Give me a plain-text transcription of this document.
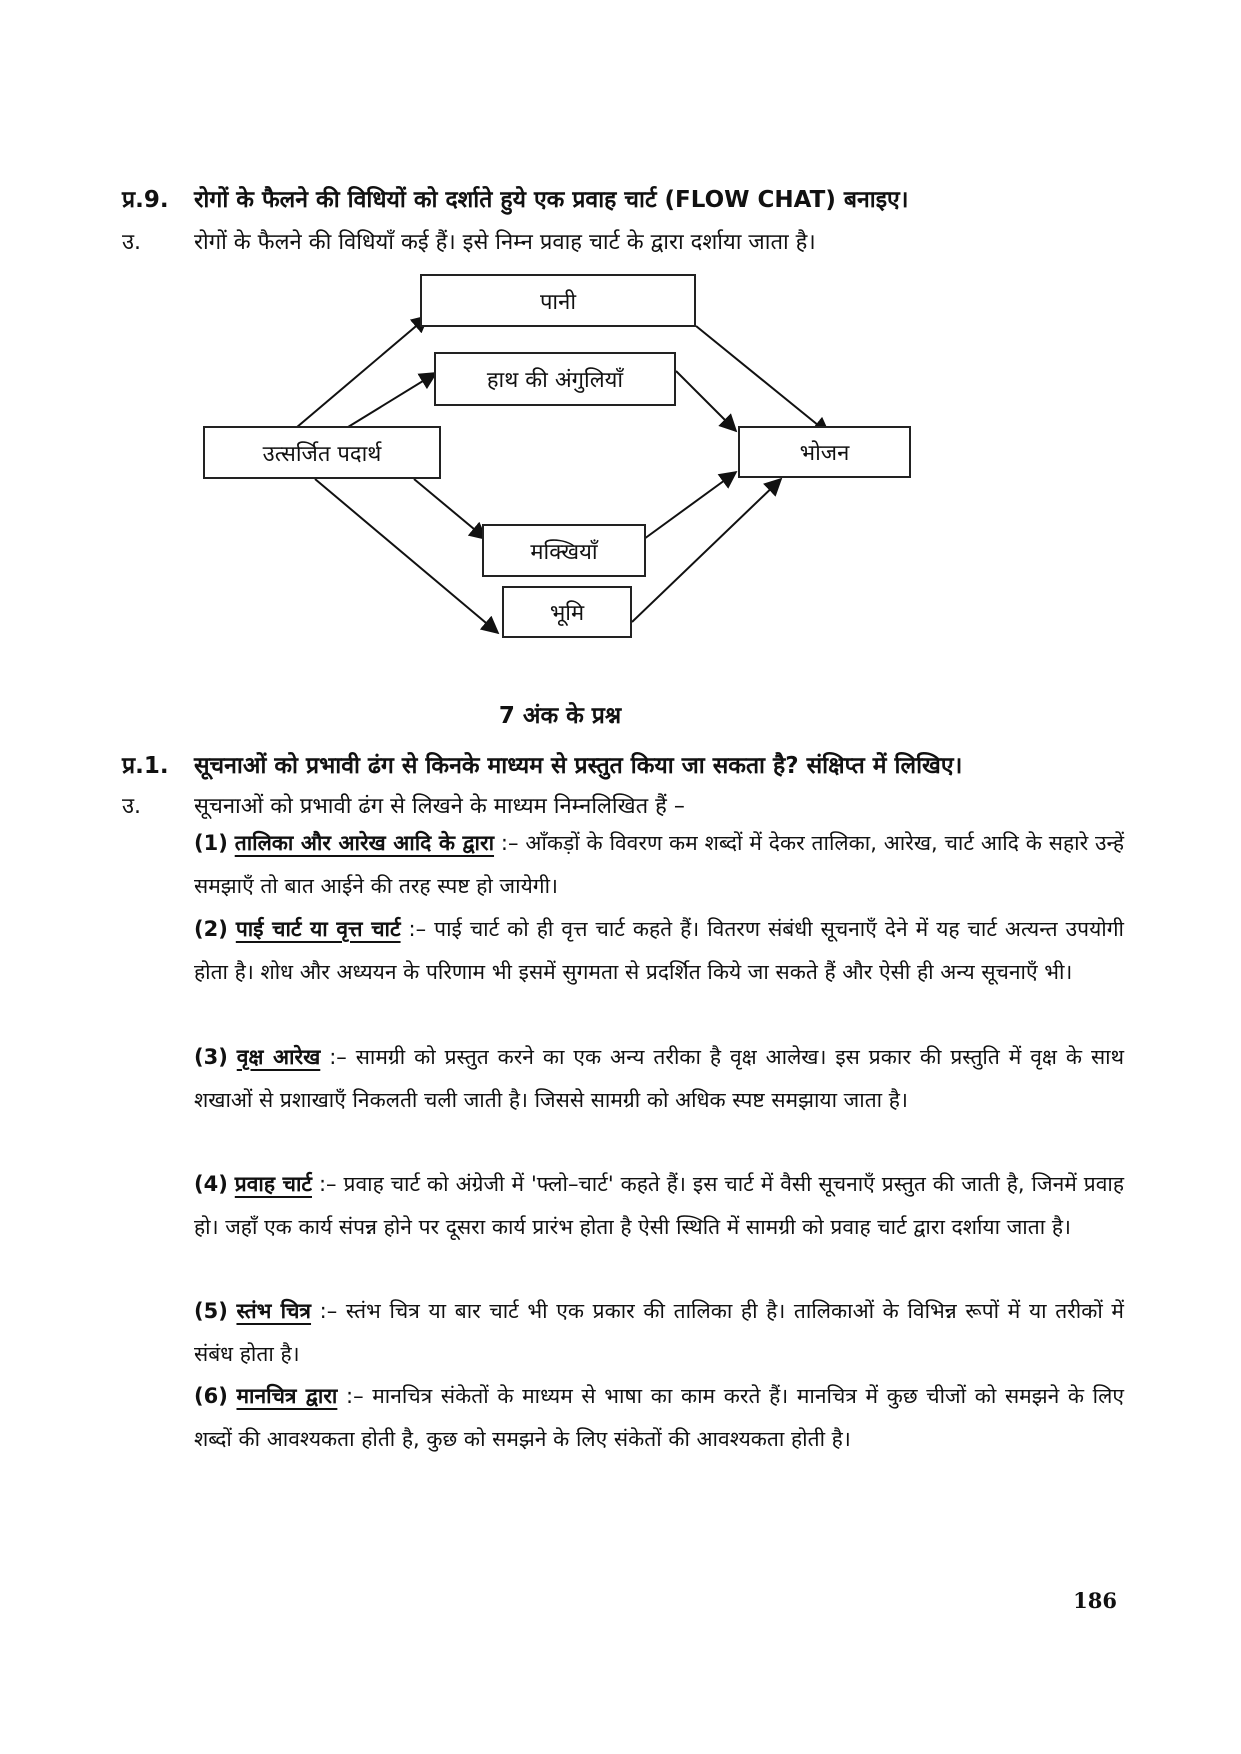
प्र.9. रोगों के फैलने की विधियों को दर्शाते हुये एक प्रवाह चार्ट (FLOW CHAT) बनाइए।
उ. रोगों के फैलने की विधियाँ कई हैं। इसे निम्न प्रवाह चार्ट के द्वारा दर्शाया जाता है।
पानी
हाथ की अंगुलियाँ
उत्सर्जित पदार्थ	भोजन
मक्खियाँ
भूमि
7 अंक के प्रश्न
प्र.1. सूचनाओं को प्रभावी ढंग से किनके माध्यम से प्रस्तुत किया जा सकता है? संक्षिप्त में लिखिए।
उ. सूचनाओं को प्रभावी ढंग से लिखने के माध्यम निम्नलिखित हैं –
(1) तालिका और आरेख आदि के द्वारा :– आँकड़ों के विवरण कम शब्दों में देकर तालिका, आरेख, चार्ट आदि के सहारे उन्हें समझाएँ तो बात आईने की तरह स्पष्ट हो जायेगी।
(2) पाई चार्ट या वृत्त चार्ट :– पाई चार्ट को ही वृत्त चार्ट कहते हैं। वितरण संबंधी सूचनाएँ देने में यह चार्ट अत्यन्त उपयोगी होता है। शोध और अध्ययन के परिणाम भी इसमें सुगमता से प्रदर्शित किये जा सकते हैं और ऐसी ही अन्य सूचनाएँ भी।
(3) वृक्ष आरेख :– सामग्री को प्रस्तुत करने का एक अन्य तरीका है वृक्ष आलेख। इस प्रकार की प्रस्तुति में वृक्ष के साथ शखाओं से प्रशाखाएँ निकलती चली जाती है। जिससे सामग्री को अधिक स्पष्ट समझाया जाता है।
(4) प्रवाह चार्ट :– प्रवाह चार्ट को अंग्रेजी में 'फ्लो–चार्ट' कहते हैं। इस चार्ट में वैसी सूचनाएँ प्रस्तुत की जाती है, जिनमें प्रवाह हो। जहाँ एक कार्य संपन्न होने पर दूसरा कार्य प्रारंभ होता है ऐसी स्थिति में सामग्री को प्रवाह चार्ट द्वारा दर्शाया जाता है।
(5) स्तंभ चित्र :– स्तंभ चित्र या बार चार्ट भी एक प्रकार की तालिका ही है। तालिकाओं के विभिन्न रूपों में या तरीकों में संबंध होता है।
(6) मानचित्र द्वारा :– मानचित्र संकेतों के माध्यम से भाषा का काम करते हैं। मानचित्र में कुछ चीजों को समझने के लिए शब्दों की आवश्यकता होती है, कुछ को समझने के लिए संकेतों की आवश्यकता होती है।
186
